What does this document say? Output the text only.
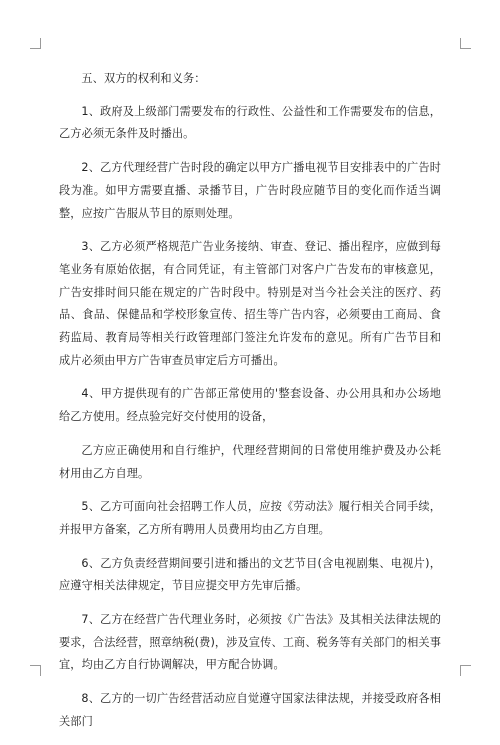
五、双方的权利和义务：

1、政府及上级部门需要发布的行政性、公益性和工作需要发布的信息，乙方必须无条件及时播出。

2、乙方代理经营广告时段的确定以甲方广播电视节目安排表中的广告时段为准。如甲方需要直播、录播节目，广告时段应随节目的变化而作适当调整，应按广告服从节目的原则处理。

3、乙方必须严格规范广告业务接纳、审查、登记、播出程序，应做到每笔业务有原始依据，有合同凭证，有主管部门对客户广告发布的审核意见，广告安排时间只能在规定的广告时段中。特别是对当今社会关注的医疗、药品、食品、保健品和学校形象宣传、招生等广告内容，必须要由工商局、食药监局、教育局等相关行政管理部门签注允许发布的意见。所有广告节目和成片必须由甲方广告审查员审定后方可播出。

4、甲方提供现有的广告部正常使用的'整套设备、办公用具和办公场地给乙方使用。经点验完好交付使用的设备，

乙方应正确使用和自行维护，代理经营期间的日常使用维护费及办公耗材用由乙方自理。

5、乙方可面向社会招聘工作人员，应按《劳动法》履行相关合同手续，并报甲方备案，乙方所有聘用人员费用均由乙方自理。

6、乙方负责经营期间要引进和播出的文艺节目(含电视剧集、电视片)，应遵守相关法律规定，节目应提交甲方先审后播。

7、乙方在经营广告代理业务时，必须按《广告法》及其相关法律法规的要求，合法经营，照章纳税(费)，涉及宣传、工商、税务等有关部门的相关事宜，均由乙方自行协调解决，甲方配合协调。

8、乙方的一切广告经营活动应自觉遵守国家法律法规，并接受政府各相关部门
